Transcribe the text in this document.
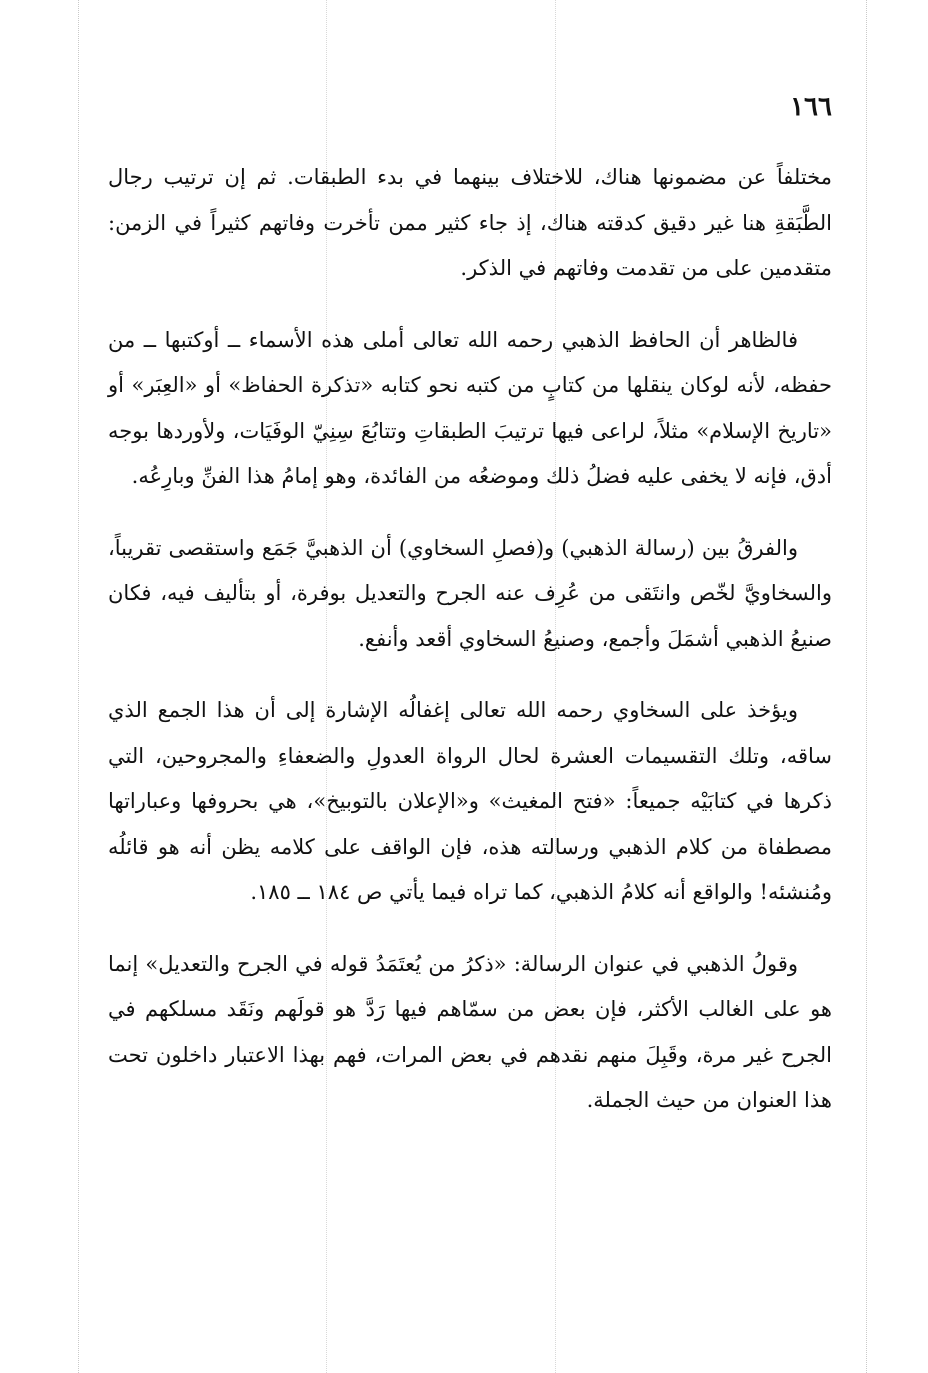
١٦٦

مختلفاً عن مضمونها هناك، للاختلاف بينهما في بدء الطبقات. ثم إن ترتيب رجال الطَّبَقةِ هنا غير دقيق كدقته هناك، إذ جاء كثير ممن تأخرت وفاتهم كثيراً في الزمن: متقدمين على من تقدمت وفاتهم في الذكر.

فالظاهر أن الحافظ الذهبي رحمه الله تعالى أملى هذه الأسماء ــ أوكتبها ــ من حفظه، لأنه لوكان ينقلها من كتابٍ من كتبه نحو كتابه «تذكرة الحفاظ» أو «العِبَر» أو «تاريخ الإسلام» مثلاً، لراعى فيها ترتيبَ الطبقاتِ وتتابُعَ سِنِيّ الوفَيَات، ولأوردها بوجه أدق، فإنه لا يخفى عليه فضلُ ذلك وموضعُه من الفائدة، وهو إمامُ هذا الفنِّ وبارِعُه.

والفرقُ بين (رسالة الذهبي) و(فصلِ السخاوي) أن الذهبيَّ جَمَع واستقصى تقريباً، والسخاويَّ لخّص وانتَقى من عُرِف عنه الجرح والتعديل بوفرة، أو بتأليف فيه، فكان صنيعُ الذهبي أشمَلَ وأجمع، وصنيعُ السخاوي أقعد وأنفع.

ويؤخذ على السخاوي رحمه الله تعالى إغفالُه الإشارة إلى أن هذا الجمع الذي ساقه، وتلك التقسيمات العشرة لحال الرواة العدولِ والضعفاءِ والمجروحين، التي ذكرها في كتابَيْه جميعاً: «فتح المغيث» و«الإعلان بالتوبيخ»، هي بحروفها وعباراتها مصطفاة من كلام الذهبي ورسالته هذه، فإن الواقف على كلامه يظن أنه هو قائلُه ومُنشئه! والواقع أنه كلامُ الذهبي، كما تراه فيما يأتي ص ١٨٤ ــ ١٨٥.

وقولُ الذهبي في عنوان الرسالة: «ذكرُ من يُعتَمَدُ قوله في الجرح والتعديل» إنما هو على الغالب الأكثر، فإن بعض من سمّاهم فيها رَدَّ هو قولَهم ونَقَد مسلكهم في الجرح غير مرة، وقَبِلَ منهم نقدهم في بعض المرات، فهم بهذا الاعتبار داخلون تحت هذا العنوان من حيث الجملة.
